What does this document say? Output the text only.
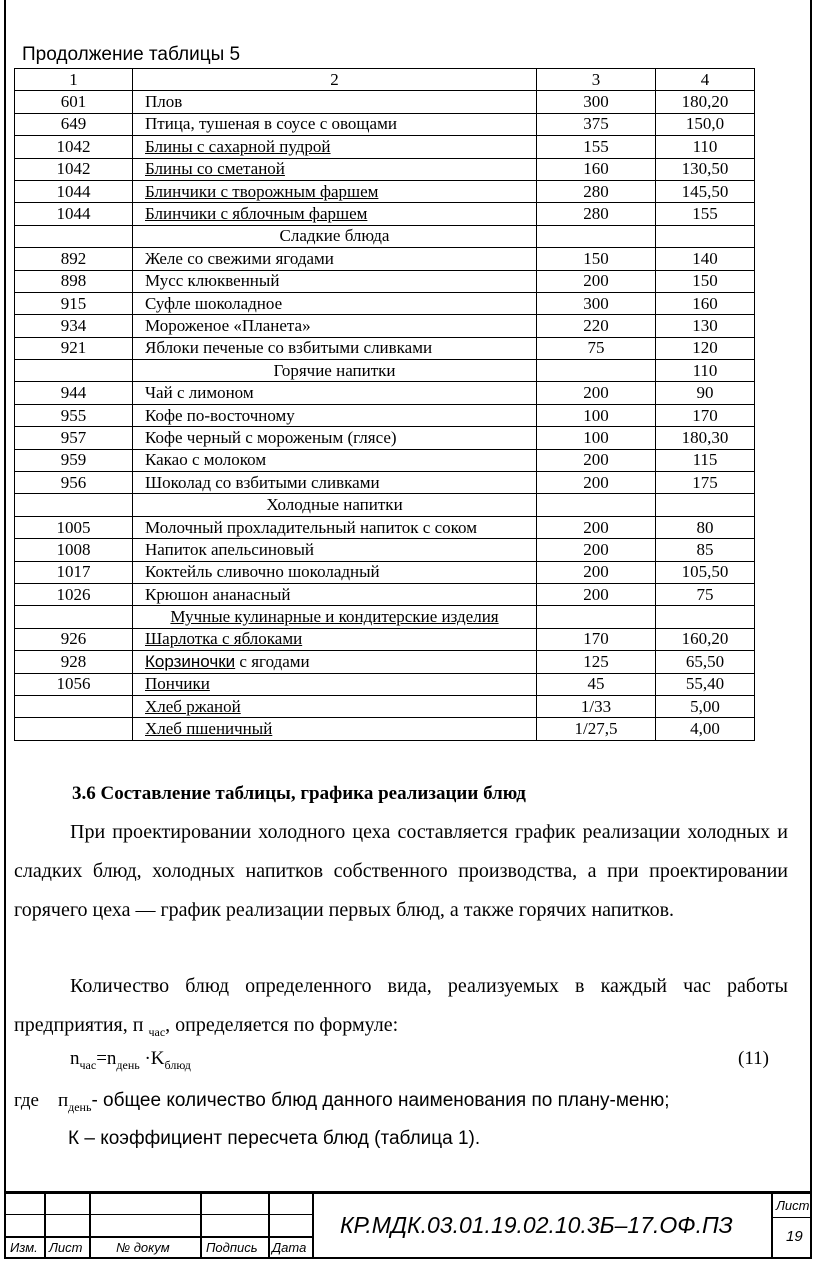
Продолжение таблицы 5
1	2	3	4
601	Плов	300	180,20
649	Птица, тушеная в соусе с овощами	375	150,0
1042	Блины с сахарной пудрой	155	110
1042	Блины со сметаной	160	130,50
1044	Блинчики с творожным фаршем	280	145,50
1044	Блинчики с яблочным фаршем	280	155
	Сладкие блюда		
892	Желе со свежими ягодами	150	140
898	Мусс клюквенный	200	150
915	Суфле шоколадное	300	160
934	Мороженое «Планета»	220	130
921	Яблоки печеные со взбитыми сливками	75	120
	Горячие напитки		110
944	Чай с лимоном	200	90
955	Кофе по-восточному	100	170
957	Кофе черный с мороженым (глясе)	100	180,30
959	Какао с молоком	200	115
956	Шоколад со взбитыми сливками	200	175
	Холодные напитки		
1005	Молочный прохладительный напиток с соком	200	80
1008	Напиток апельсиновый	200	85
1017	Коктейль сливочно шоколадный	200	105,50
1026	Крюшон ананасный	200	75
	Мучные кулинарные и кондитерские изделия		
926	Шарлотка с яблоками	170	160,20
928	Корзиночки с ягодами	125	65,50
1056	Пончики	45	55,40
	Хлеб ржаной	1/33	5,00
	Хлеб пшеничный	1/27,5	4,00
3.6 Составление таблицы, графика реализации блюд
При проектировании холодного цеха составляется график реализации холодных и сладких блюд, холодных напитков собственного производства, а при проектировании горячего цеха — график реализации первых блюд, а также горячих напитков.
Количество блюд определенного вида, реализуемых в каждый час работы предприятия, п $_{час}$, определяется по формуле:
$n_{час}=n_{день} \cdot K_{блюд}$	(11)
где $п_{день}-$ общее количество блюд данного наименования по плану-меню;
К – коэффициент пересчета блюд (таблица 1).
Изм. Лист	№ докум	Подпись Дата
КР.МДК.03.01.19.02.10.3Б–17.ОФ.ПЗ
Лист
19
